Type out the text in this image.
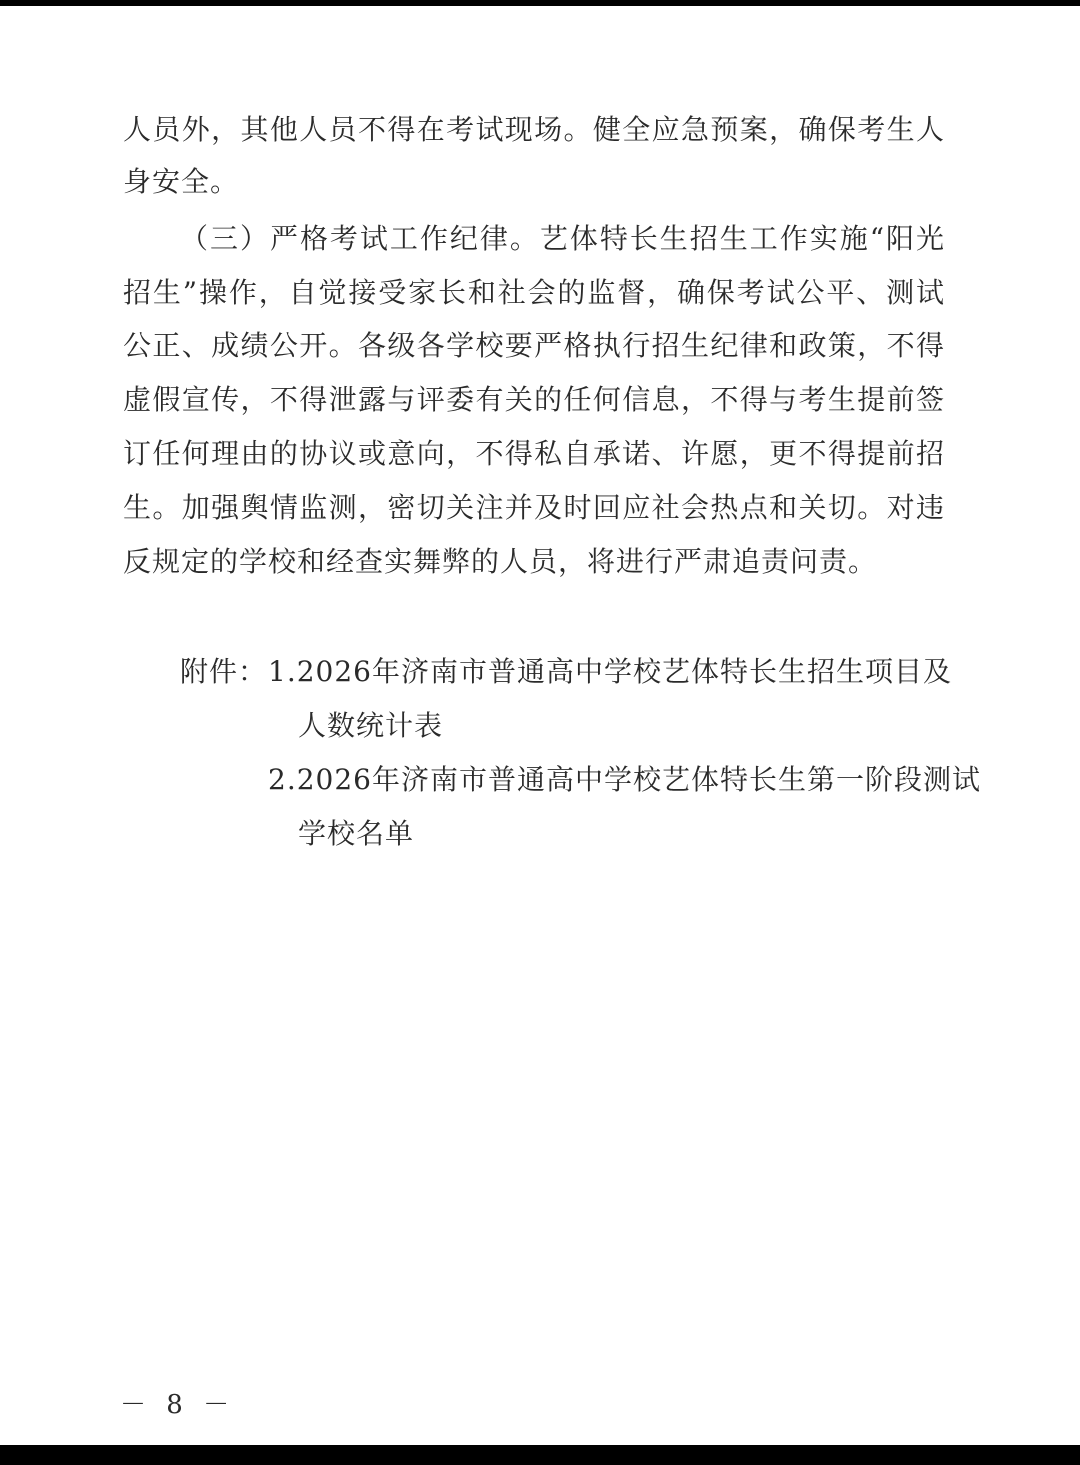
人员外，其他人员不得在考试现场。健全应急预案，确保考生人
身安全。
（三）严格考试工作纪律。艺体特长生招生工作实施“阳光
招生”操作，自觉接受家长和社会的监督，确保考试公平、测试
公正、成绩公开。各级各学校要严格执行招生纪律和政策，不得
虚假宣传，不得泄露与评委有关的任何信息，不得与考生提前签
订任何理由的协议或意向，不得私自承诺、许愿，更不得提前招
生。加强舆情监测，密切关注并及时回应社会热点和关切。对违
反规定的学校和经查实舞弊的人员，将进行严肃追责问责。
附件： 1.2026年济南市普通高中学校艺体特长生招生项目及
人数统计表
2.2026年济南市普通高中学校艺体特长生第一阶段测试
学校名单
－ 8 －
